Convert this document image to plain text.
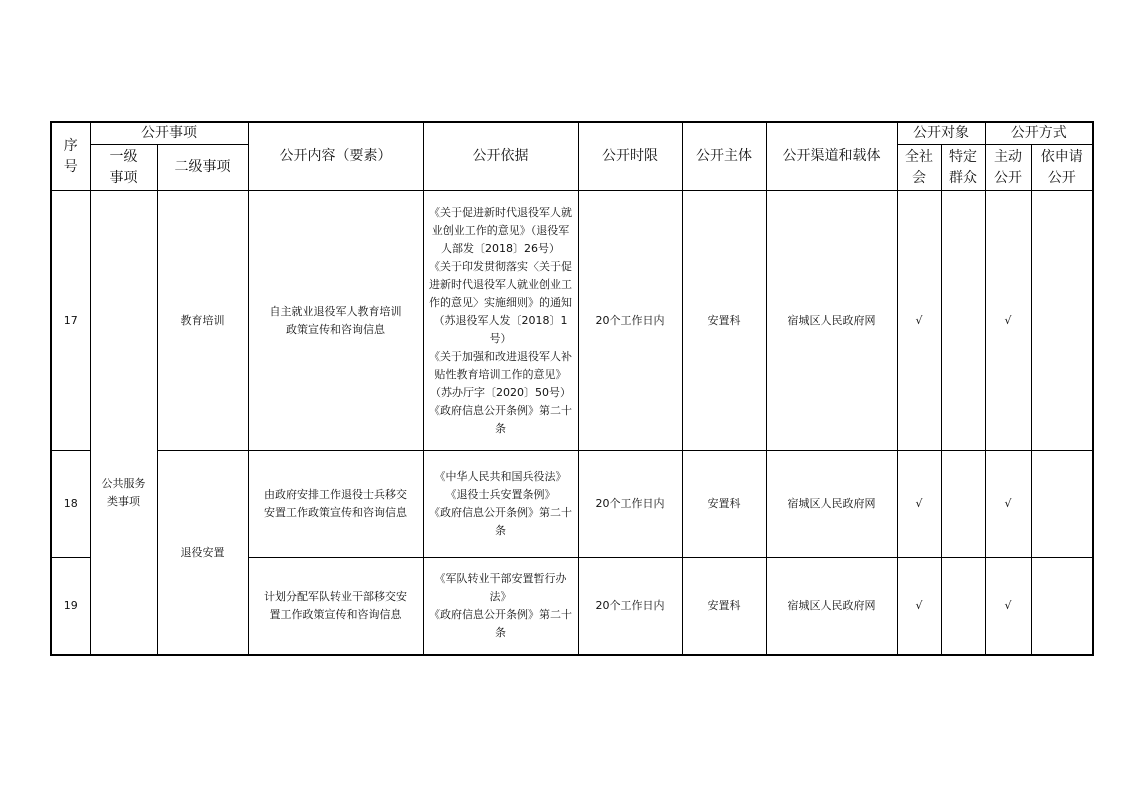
序号	公开事项		公开内容（要素）	公开依据	公开时限	公开主体	公开渠道和载体	公开对象		公开方式	
	一级事项	二级事项						全社会	特定群众	主动公开	依申请公开
17	公共服务类事项	教育培训	自主就业退役军人教育培训政策宣传和咨询信息	《关于促进新时代退役军人就业创业工作的意见》（退役军人部发〔2018〕26号）
《关于印发贯彻落实〈关于促进新时代退役军人就业创业工作的意见〉实施细则》的通知（苏退役军人发〔2018〕1号）
《关于加强和改进退役军人补贴性教育培训工作的意见》（苏办厅字〔2020〕50号）
《政府信息公开条例》第二十条	20个工作日内	安置科	宿城区人民政府网	√		√	
18		退役安置	由政府安排工作退役士兵移交安置工作政策宣传和咨询信息	《中华人民共和国兵役法》
《退役士兵安置条例》
《政府信息公开条例》第二十条	20个工作日内	安置科	宿城区人民政府网	√		√	
19			计划分配军队转业干部移交安置工作政策宣传和咨询信息	《军队转业干部安置暂行办法》
《政府信息公开条例》第二十条	20个工作日内	安置科	宿城区人民政府网	√		√	
